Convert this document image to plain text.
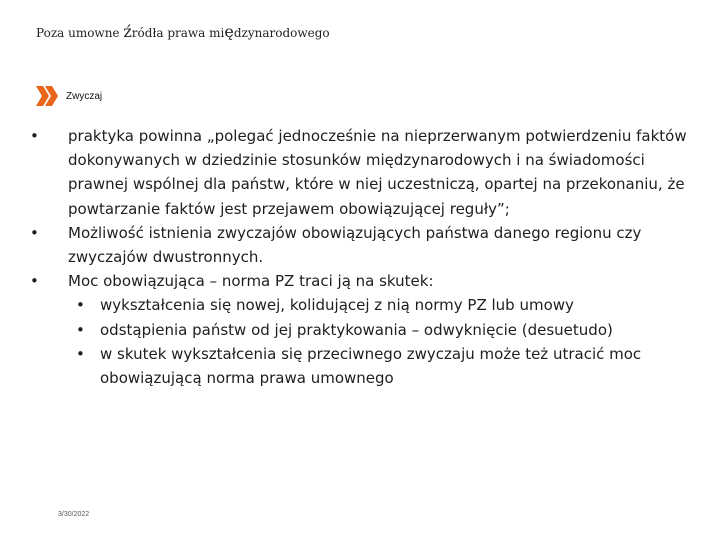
Poza umowne źródła prawa międzynarodowego
Zwyczaj
•	praktyka powinna „polegać jednocześnie na nieprzerwanym potwierdzeniu faktów dokonywanych w dziedzinie stosunków międzynarodowych i na świadomości prawnej wspólnej dla państw, które w niej uczestniczą, opartej na przekonaniu, że powtarzanie faktów jest przejawem obowiązującej reguły”;
•	Możliwość istnienia zwyczajów obowiązujących państwa danego regionu czy zwyczajów dwustronnych.
•	Moc obowiązująca – norma PZ traci ją na skutek:
• wykształcenia się nowej, kolidującej z nią normy PZ lub umowy
• odstąpienia państw od jej praktykowania – odwyknięcie (desuetudo)
• w skutek wykształcenia się przeciwnego zwyczaju może też utracić moc obowiązującą norma prawa umownego
3/30/2022
